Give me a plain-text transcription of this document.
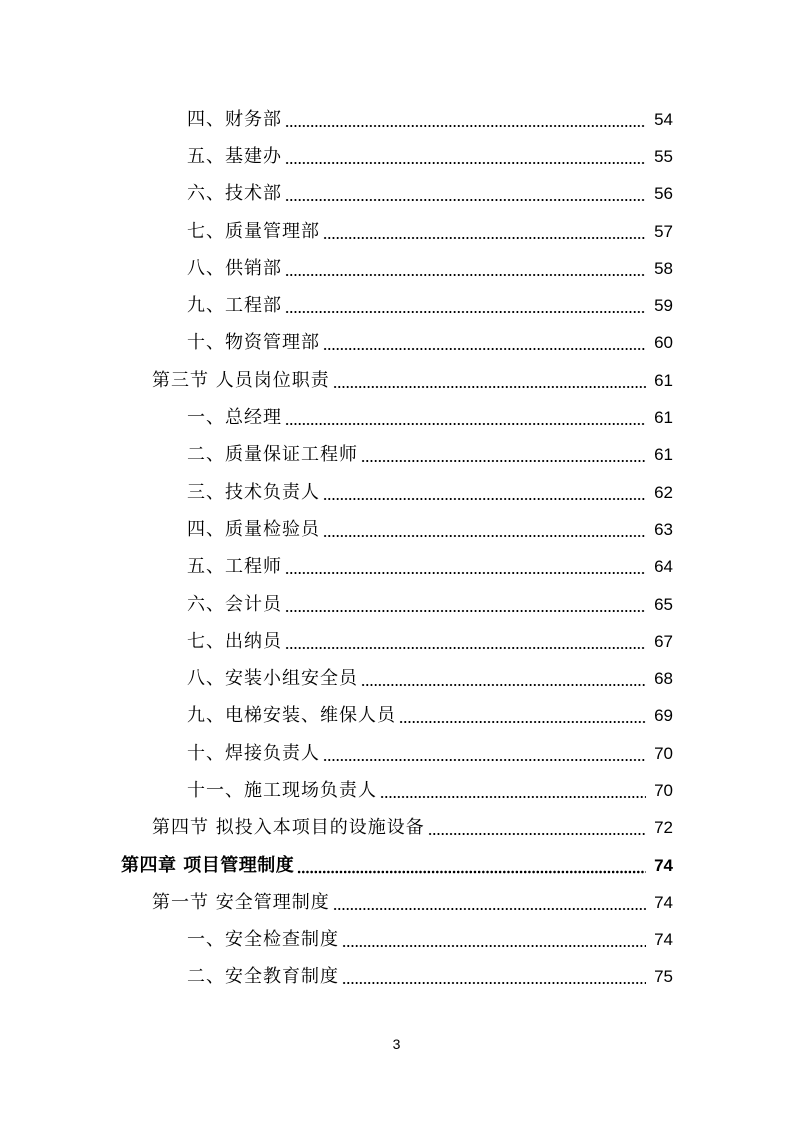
四、财务部	54
五、基建办	55
六、技术部	56
七、质量管理部	57
八、供销部	58
九、工程部	59
十、物资管理部	60
第三节 人员岗位职责	61
一、总经理	61
二、质量保证工程师	61
三、技术负责人	62
四、质量检验员	63
五、工程师	64
六、会计员	65
七、出纳员	67
八、安装小组安全员	68
九、电梯安装、维保人员	69
十、焊接负责人	70
十一、施工现场负责人	70
第四节 拟投入本项目的设施设备	72
第四章 项目管理制度	74
第一节 安全管理制度	74
一、安全检查制度	74
二、安全教育制度	75
3
